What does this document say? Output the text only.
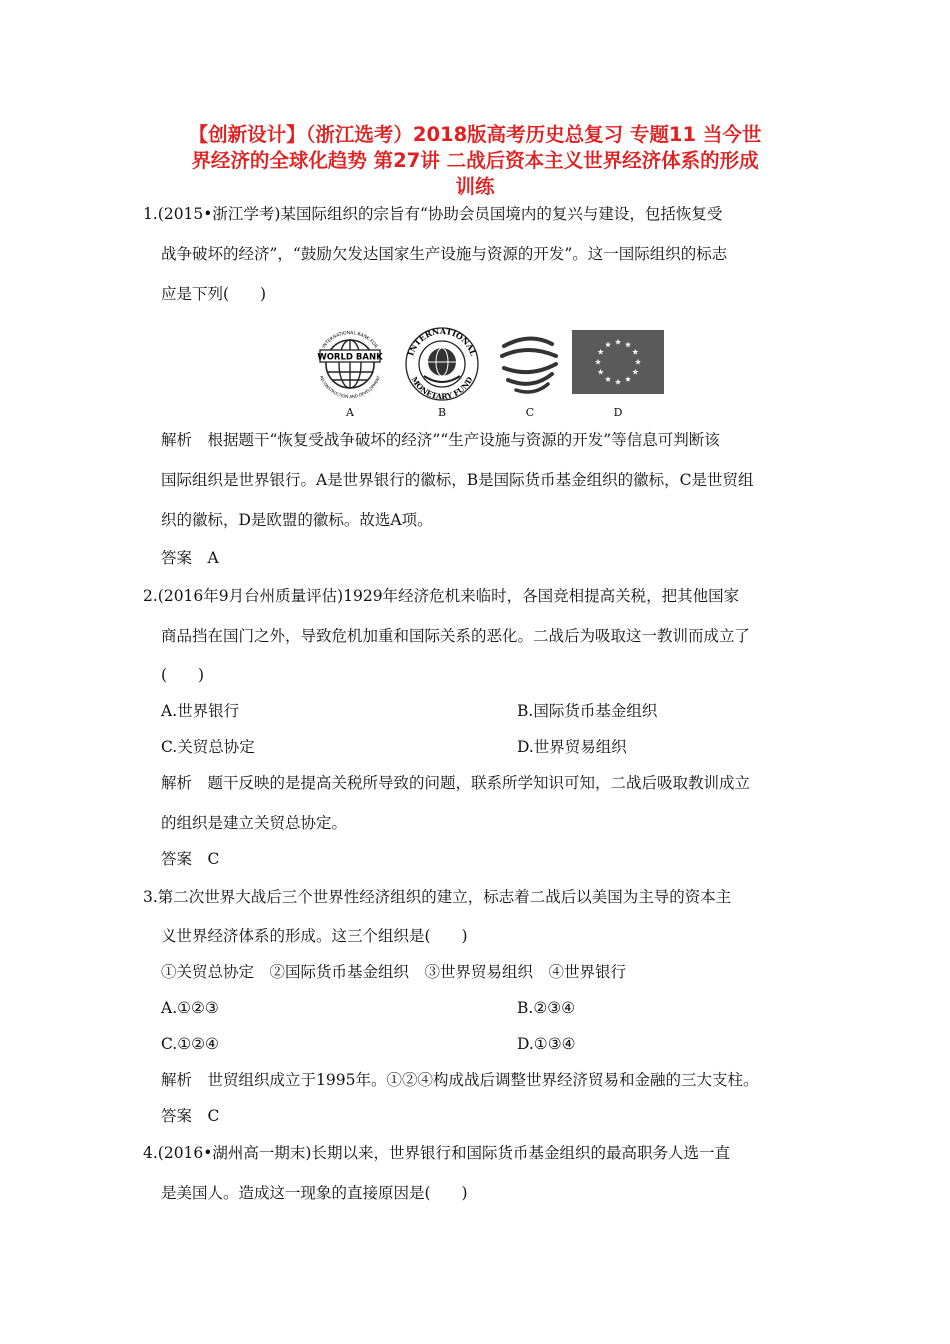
【创新设计】（浙江选考）2018版高考历史总复习 专题11 当今世
界经济的全球化趋势 第27讲 二战后资本主义世界经济体系的形成
训练
1.(2015•浙江学考)某国际组织的宗旨有“协助会员国境内的复兴与建设，包括恢复受
战争破坏的经济”，“鼓励欠发达国家生产设施与资源的开发”。这一国际组织的标志
应是下列(　　)
WORLD BANK
INTERNATIONAL BANK FOR
RECONSTRUCTION AND DEVELOPMENT
INTERNATIONAL
MONETARY FUND
A	B	C	D
解析　根据题干“恢复受战争破坏的经济”“生产设施与资源的开发”等信息可判断该
国际组织是世界银行。A是世界银行的徽标，B是国际货币基金组织的徽标，C是世贸组
织的徽标，D是欧盟的徽标。故选A项。
答案　A
2.(2016年9月台州质量评估)1929年经济危机来临时，各国竞相提高关税，把其他国家
商品挡在国门之外，导致危机加重和国际关系的恶化。二战后为吸取这一教训而成立了
(　　)
A.世界银行	B.国际货币基金组织
C.关贸总协定	D.世界贸易组织
解析　题干反映的是提高关税所导致的问题，联系所学知识可知，二战后吸取教训成立
的组织是建立关贸总协定。
答案　C
3.第二次世界大战后三个世界性经济组织的建立，标志着二战后以美国为主导的资本主
义世界经济体系的形成。这三个组织是(　　)
①关贸总协定　②国际货币基金组织　③世界贸易组织　④世界银行
A.①②③	B.②③④
C.①②④	D.①③④
解析　世贸组织成立于1995年。①②④构成战后调整世界经济贸易和金融的三大支柱。
答案　C
4.(2016•湖州高一期末)长期以来，世界银行和国际货币基金组织的最高职务人选一直
是美国人。造成这一现象的直接原因是(　　)
